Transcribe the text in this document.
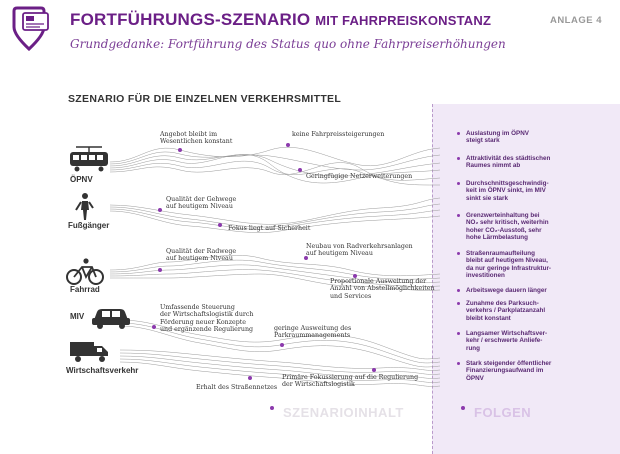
FORTFÜHRUNGS-SZENARIO MIT FAHRPREISKONSTANZ	ANLAGE 4
Grundgedanke: Fortführung des Status quo ohne Fahrpreiserhöhungen
SZENARIO FÜR DIE EINZELNEN VERKEHRSMITTEL
ÖPNV
Fußgänger
Fahrrad
MIV
Wirtschaftsverkehr
Angebot bleibt im
Wesentlichen konstant
keine Fahrpreissteigerungen
Geringfügige Netzerweiterungen
Qualität der Gehwege
auf heutigem Niveau
Fokus liegt auf Sicherheit
Qualität der Radwege
auf heutigem Niveau
Neubau von Radverkehrsanlagen
auf heutigem Niveau
Proportionale Ausweitung der
Anzahl von Abstellmöglichkeiten
und Services
Umfassende Steuerung
der Wirtschaftslogistik durch
Förderung neuer Konzepte
und ergänzende Regulierung	geringe Ausweitung des
Parkraummanagements
Erhalt des Straßennetzes
Primäre Fokussierung auf die Regulierung
der Wirtschaftslogistik
Auslastung im ÖPNV
steigt stark
Attraktivität des städtischen
Raumes nimmt ab
Durchschnittsgeschwindig-
keit im ÖPNV sinkt, im MIV
sinkt sie stark
Grenzwerteinhaltung bei
NO₂ sehr kritisch, weiterhin
hoher CO₂-Ausstoß, sehr
hohe Lärmbelastung
Straßenraumaufteilung
bleibt auf heutigem Niveau,
da nur geringe Infrastruktur-
investitionen
Arbeitswege dauern länger
Zunahme des Parksuch-
verkehrs / Parkplatzanzahl
bleibt konstant
Langsamer Wirtschaftsver-
kehr / erschwerte Anliefe-
rung
Stark steigender öffentlicher
Finanzierungsaufwand im
ÖPNV
SZENARIOINHALT	FOLGEN
